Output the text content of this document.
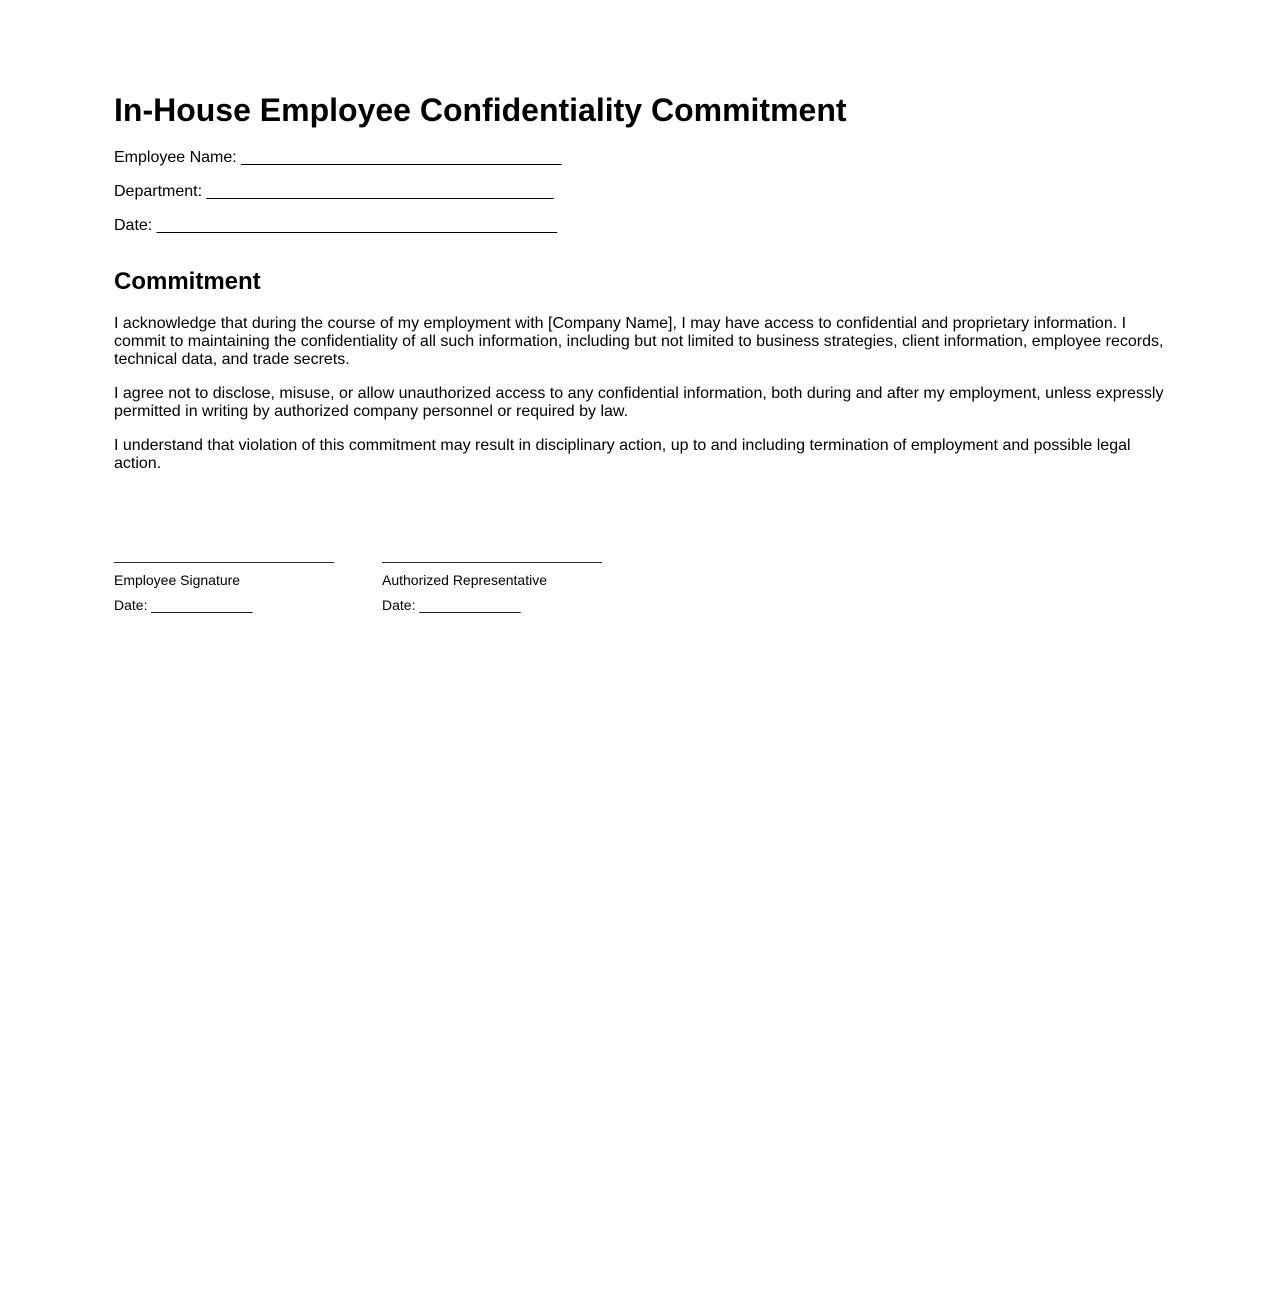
In-House Employee Confidentiality Commitment

Employee Name: ____________________________________

Department: _______________________________________

Date: _____________________________________________

Commitment

I acknowledge that during the course of my employment with [Company Name], I may have access to confidential and proprietary information. I commit to maintaining the confidentiality of all such information, including but not limited to business strategies, client information, employee records, technical data, and trade secrets.

I agree not to disclose, misuse, or allow unauthorized access to any confidential information, both during and after my employment, unless expressly permitted in writing by authorized company personnel or required by law.

I understand that violation of this commitment may result in disciplinary action, up to and including termination of employment and possible legal action.

Employee Signature
Date: _____________
Authorized Representative
Date: _____________
